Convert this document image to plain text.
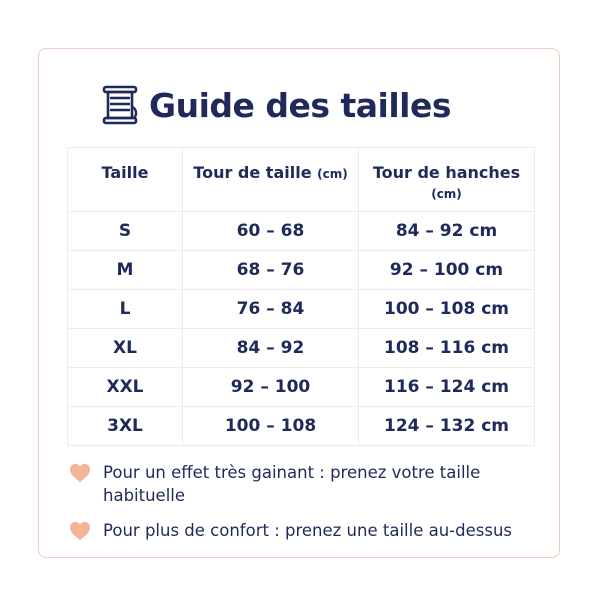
Guide des tailles
Taille	Tour de taille (cm)	Tour de hanches
(cm)
S	60 – 68	84 – 92 cm
M	68 – 76	92 – 100 cm
L	76 – 84	100 – 108 cm
XL	84 – 92	108 – 116 cm
XXL	92 – 100	116 – 124 cm
3XL	100 – 108	124 – 132 cm
Pour un effet très gainant : prenez votre taille habituelle
Pour plus de confort : prenez une taille au-dessus
